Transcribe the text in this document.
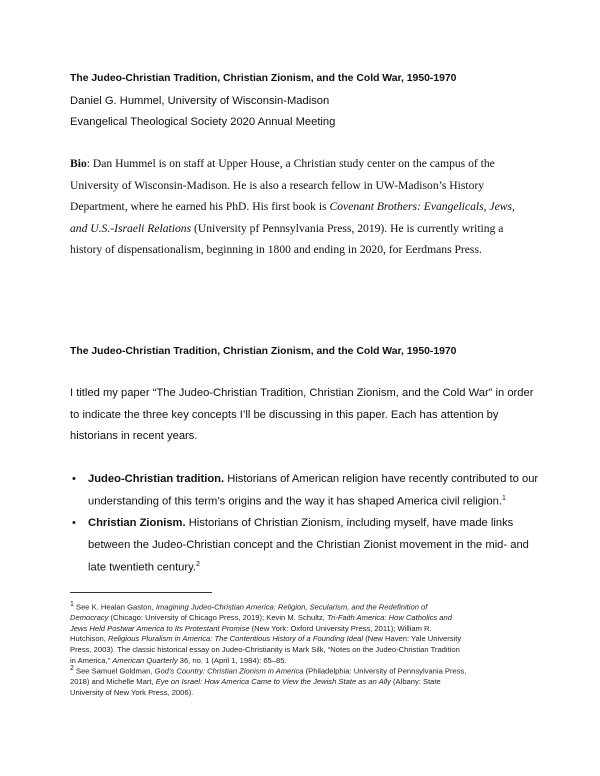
The Judeo-Christian Tradition, Christian Zionism, and the Cold War, 1950-1970
Daniel G. Hummel, University of Wisconsin-Madison
Evangelical Theological Society 2020 Annual Meeting
Bio: Dan Hummel is on staff at Upper House, a Christian study center on the campus of the
University of Wisconsin-Madison. He is also a research fellow in UW-Madison’s History
Department, where he earned his PhD. His first book is Covenant Brothers: Evangelicals, Jews,
and U.S.-Israeli Relations (University pf Pennsylvania Press, 2019). He is currently writing a
history of dispensationalism, beginning in 1800 and ending in 2020, for Eerdmans Press.
The Judeo-Christian Tradition, Christian Zionism, and the Cold War, 1950-1970
I titled my paper “The Judeo-Christian Tradition, Christian Zionism, and the Cold War” in order
to indicate the three key concepts I’ll be discussing in this paper. Each has attention by
historians in recent years.
• Judeo-Christian tradition. Historians of American religion have recently contributed to our
understanding of this term’s origins and the way it has shaped America civil religion.$^1$
• Christian Zionism. Historians of Christian Zionism, including myself, have made links
between the Judeo-Christian concept and the Christian Zionist movement in the mid- and
late twentieth century.$^2$

$^1$ See K. Healan Gaston, Imagining Judeo-Christian America: Religion, Secularism, and the Redefinition of

Democracy (Chicago: University of Chicago Press, 2019); Kevin M. Schultz, Tri-Faith America: How Catholics and

Jews Held Postwar America to Its Protestant Promise (New York: Oxford University Press, 2011); William R.

Hutchison, Religious Pluralism in America: The Contentious History of a Founding Ideal (New Haven: Yale University

Press, 2003). The classic historical essay on Judeo-Christianity is Mark Silk, “Notes on the Judeo-Christian Tradition

in America,” American Quarterly 36, no. 1 (April 1, 1984): 65–85.

$^2$ See Samuel Goldman, God’s Country: Christian Zionism in America (Philadelphia: University of Pennsylvania Press,

2018) and Michelle Mart, Eye on Israel: How America Came to View the Jewish State as an Ally (Albany: State

University of New York Press, 2006).
